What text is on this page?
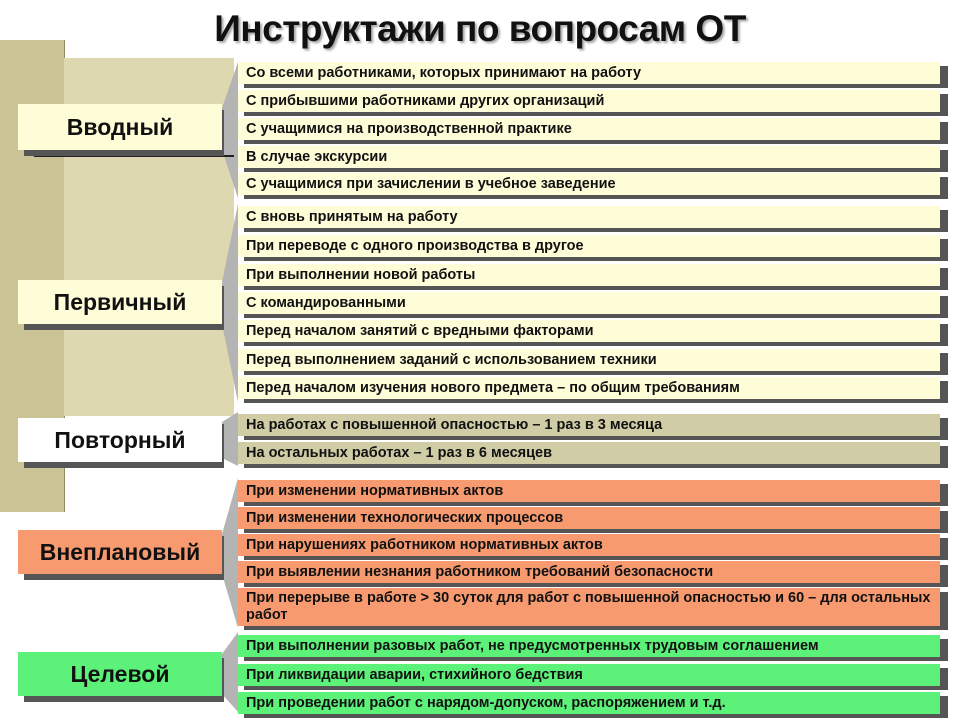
Инструктажи по вопросам ОТ
Вводный
Со всеми работниками, которых принимают на работу
С прибывшими работниками других организаций
С учащимися на производственной практике
В случае экскурсии
С учащимися при зачислении в учебное заведение
Первичный
С вновь принятым на работу
При переводе с одного производства в другое
При выполнении новой работы
С командированными
Перед началом занятий с вредными факторами
Перед выполнением заданий с использованием техники
Перед началом изучения нового предмета – по общим требованиям
Повторный
На работах с повышенной опасностью – 1 раз в 3 месяца
На остальных работах – 1 раз в 6 месяцев
Внеплановый
При изменении нормативных актов
При изменении технологических процессов
При нарушениях работником нормативных актов
При выявлении незнания работником требований безопасности
При перерыве в работе > 30 суток для работ с повышенной опасностью и 60 – для остальных работ
Целевой
При выполнении разовых работ, не предусмотренных трудовым соглашением
При ликвидации аварии, стихийного бедствия
При проведении работ с нарядом-допуском, распоряжением и т.д.
